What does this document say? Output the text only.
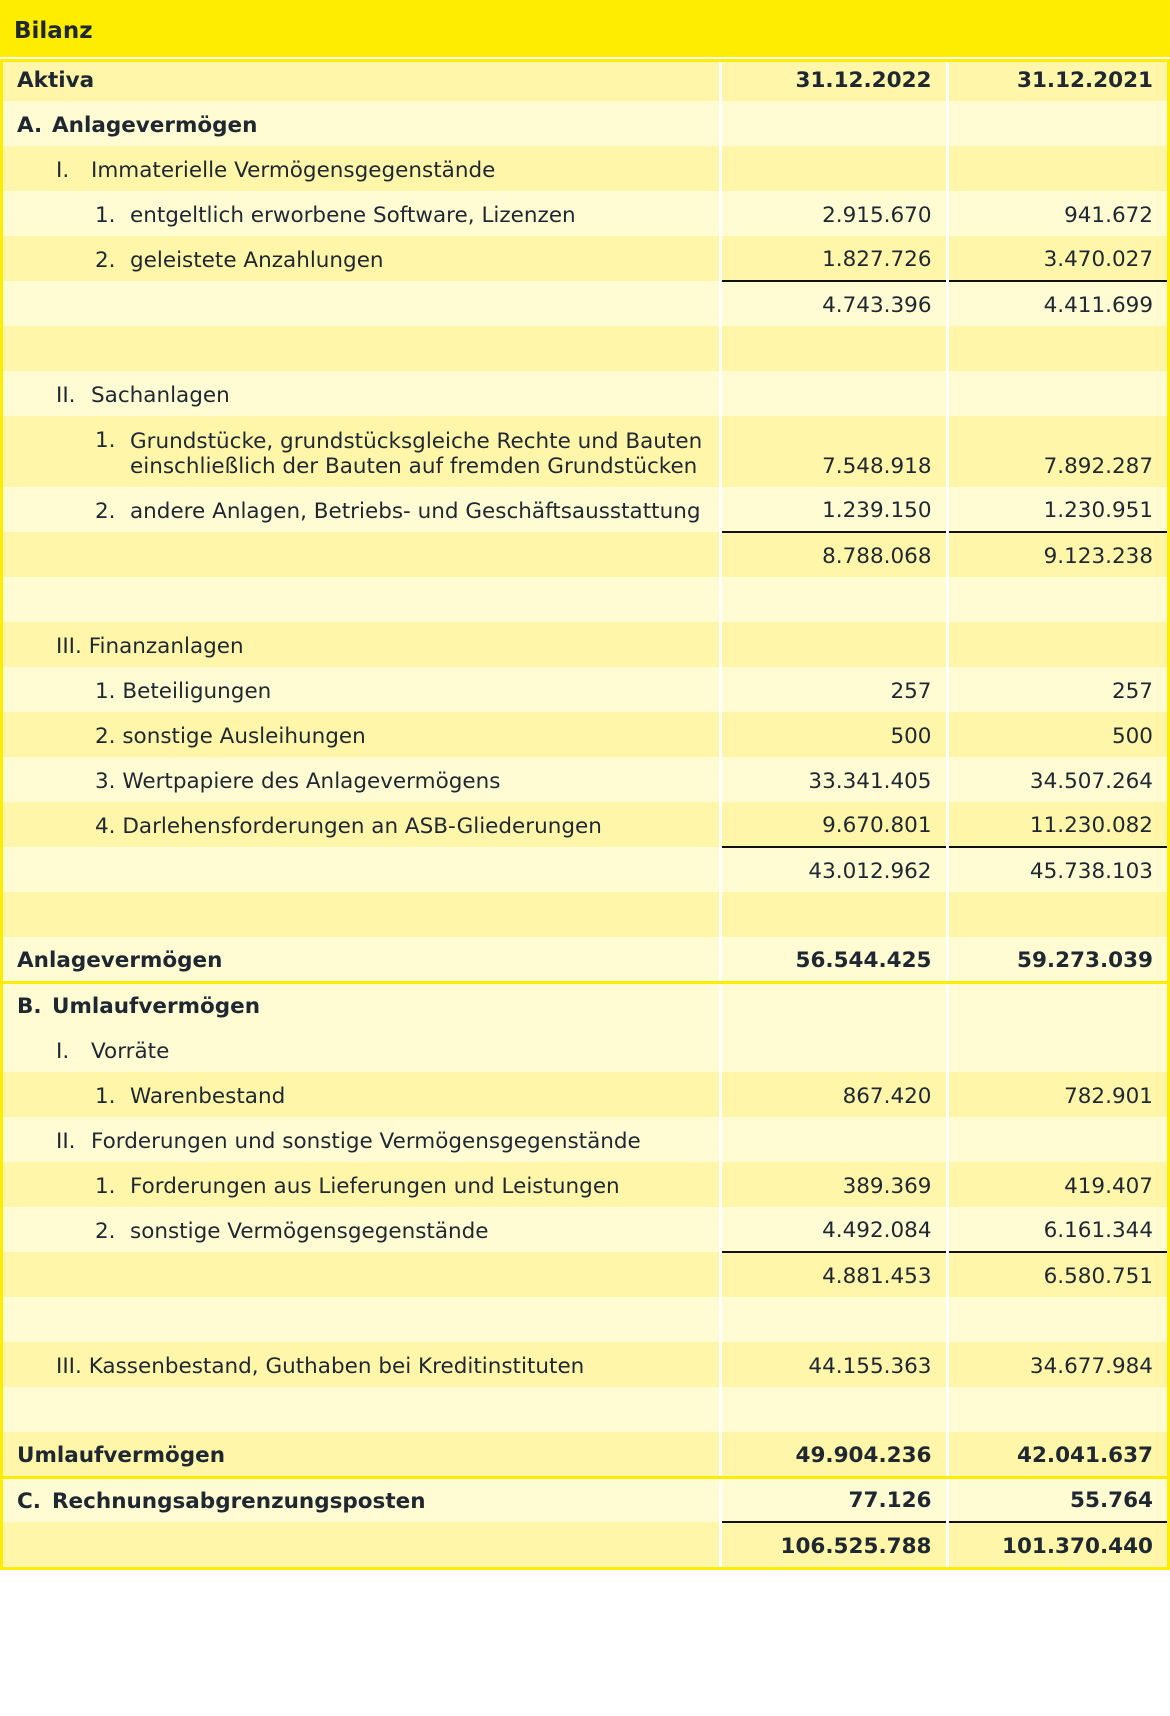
Bilanz
Aktiva	31.12.2022	31.12.2021
A. Anlagevermögen		
I. Immaterielle Vermögensgegenstände		
1. entgeltlich erworbene Software, Lizenzen	2.915.670	941.672
2. geleistete Anzahlungen	1.827.726	3.470.027
	4.743.396	4.411.699

II. Sachanlagen		
1. Grundstücke, grundstücksgleiche Rechte und Bauten
einschließlich der Bauten auf fremden Grundstücken	7.548.918	7.892.287
2. andere Anlagen, Betriebs- und Geschäftsausstattung	1.239.150	1.230.951
	8.788.068	9.123.238

III. Finanzanlagen		
1. Beteiligungen	257	257
2. sonstige Ausleihungen	500	500
3. Wertpapiere des Anlagevermögens	33.341.405	34.507.264
4. Darlehensforderungen an ASB-Gliederungen	9.670.801	11.230.082
	43.012.962	45.738.103

Anlagevermögen	56.544.425	59.273.039
B. Umlaufvermögen		
I. Vorräte		
1. Warenbestand	867.420	782.901
II. Forderungen und sonstige Vermögensgegenstände		
1. Forderungen aus Lieferungen und Leistungen	389.369	419.407
2. sonstige Vermögensgegenstände	4.492.084	6.161.344
	4.881.453	6.580.751

III. Kassenbestand, Guthaben bei Kreditinstituten	44.155.363	34.677.984

Umlaufvermögen	49.904.236	42.041.637
C. Rechnungsabgrenzungsposten	77.126	55.764
	106.525.788	101.370.440
